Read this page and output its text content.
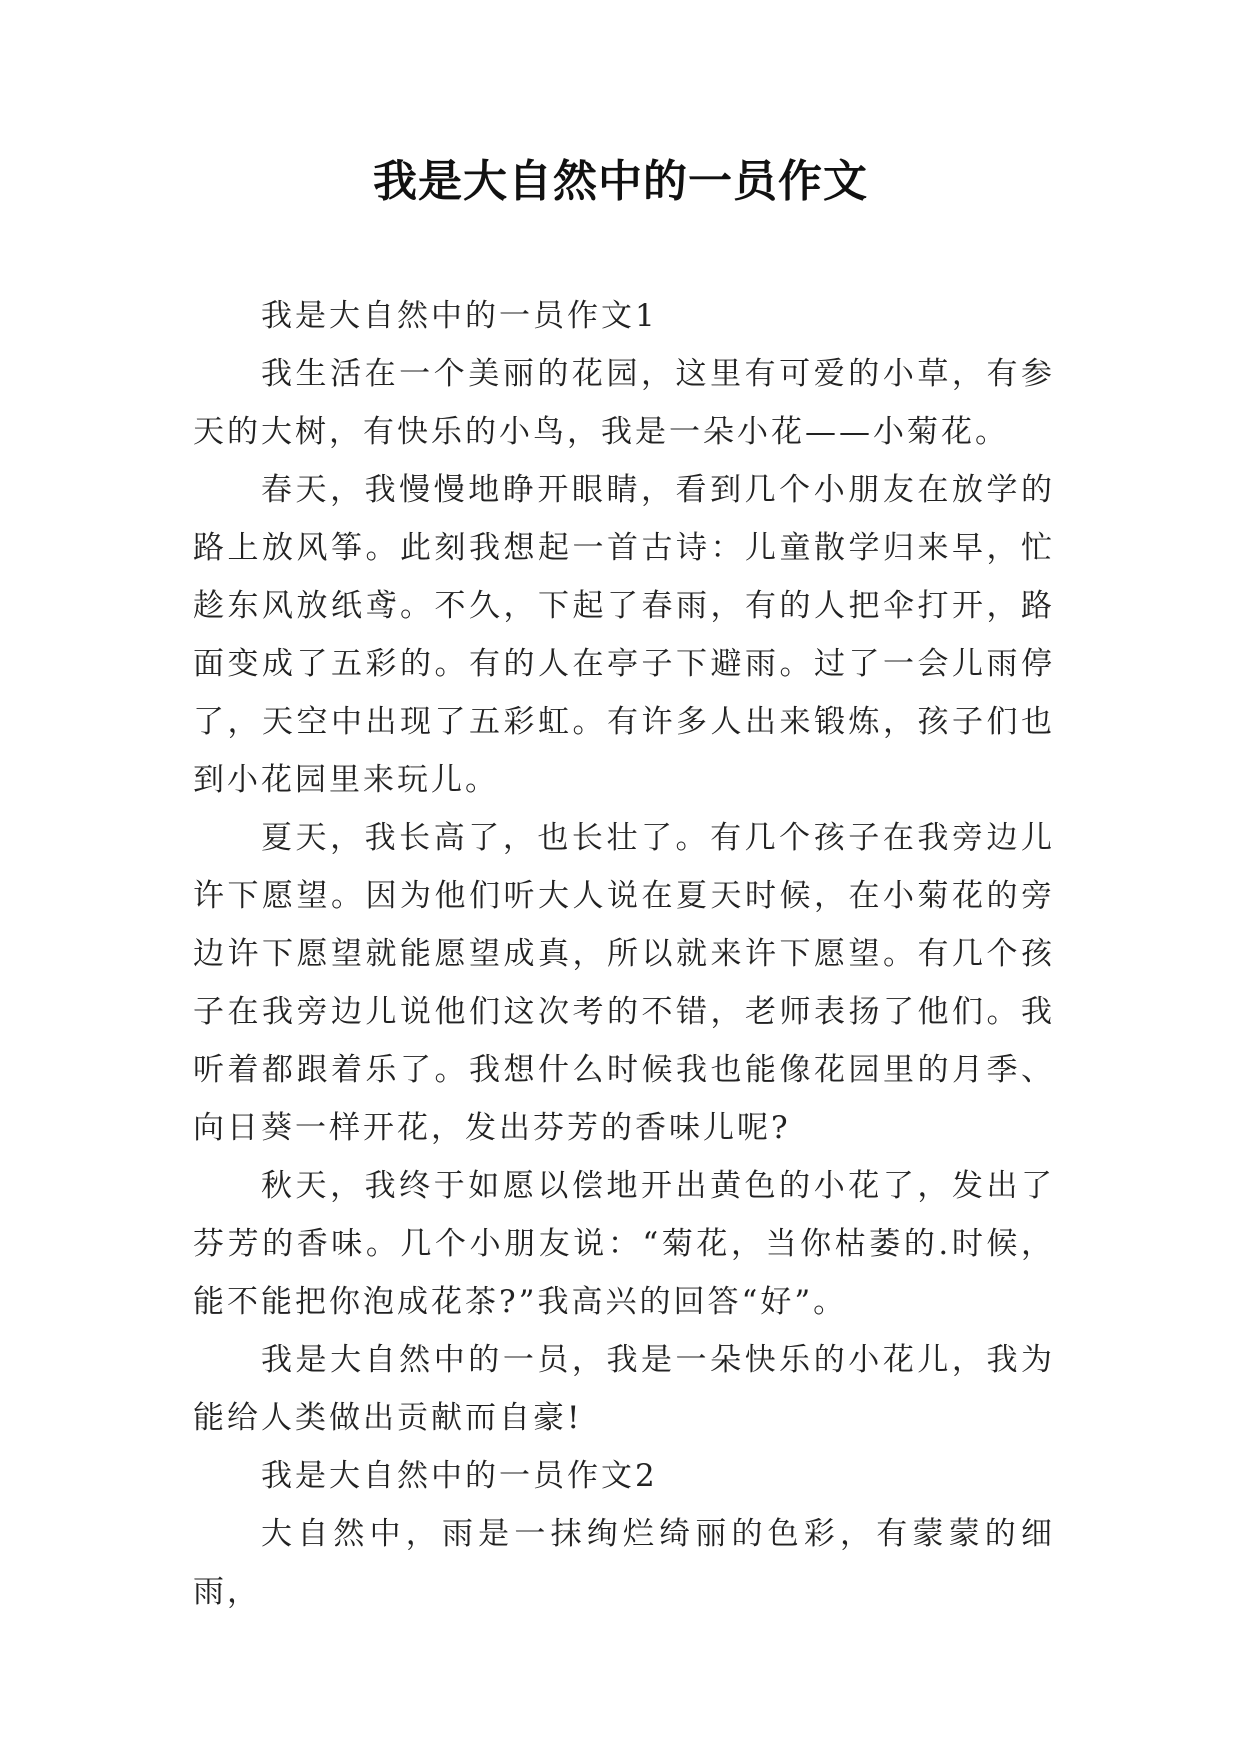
我是大自然中的一员作文

我是大自然中的一员作文1

我生活在一个美丽的花园，这里有可爱的小草，有参天的大树，有快乐的小鸟，我是一朵小花——小菊花。

春天，我慢慢地睁开眼睛，看到几个小朋友在放学的路上放风筝。此刻我想起一首古诗：儿童散学归来早，忙趁东风放纸鸢。不久，下起了春雨，有的人把伞打开，路面变成了五彩的。有的人在亭子下避雨。过了一会儿雨停了，天空中出现了五彩虹。有许多人出来锻炼，孩子们也到小花园里来玩儿。

夏天，我长高了，也长壮了。有几个孩子在我旁边儿许下愿望。因为他们听大人说在夏天时候，在小菊花的旁边许下愿望就能愿望成真，所以就来许下愿望。有几个孩子在我旁边儿说他们这次考的不错，老师表扬了他们。我听着都跟着乐了。我想什么时候我也能像花园里的月季、向日葵一样开花，发出芬芳的香味儿呢?

秋天，我终于如愿以偿地开出黄色的小花了，发出了芬芳的香味。几个小朋友说：“菊花，当你枯萎的.时候，能不能把你泡成花茶?”我高兴的回答“好”。

我是大自然中的一员，我是一朵快乐的小花儿，我为能给人类做出贡献而自豪!

我是大自然中的一员作文2

大自然中，雨是一抹绚烂绮丽的色彩，有蒙蒙的细雨，
